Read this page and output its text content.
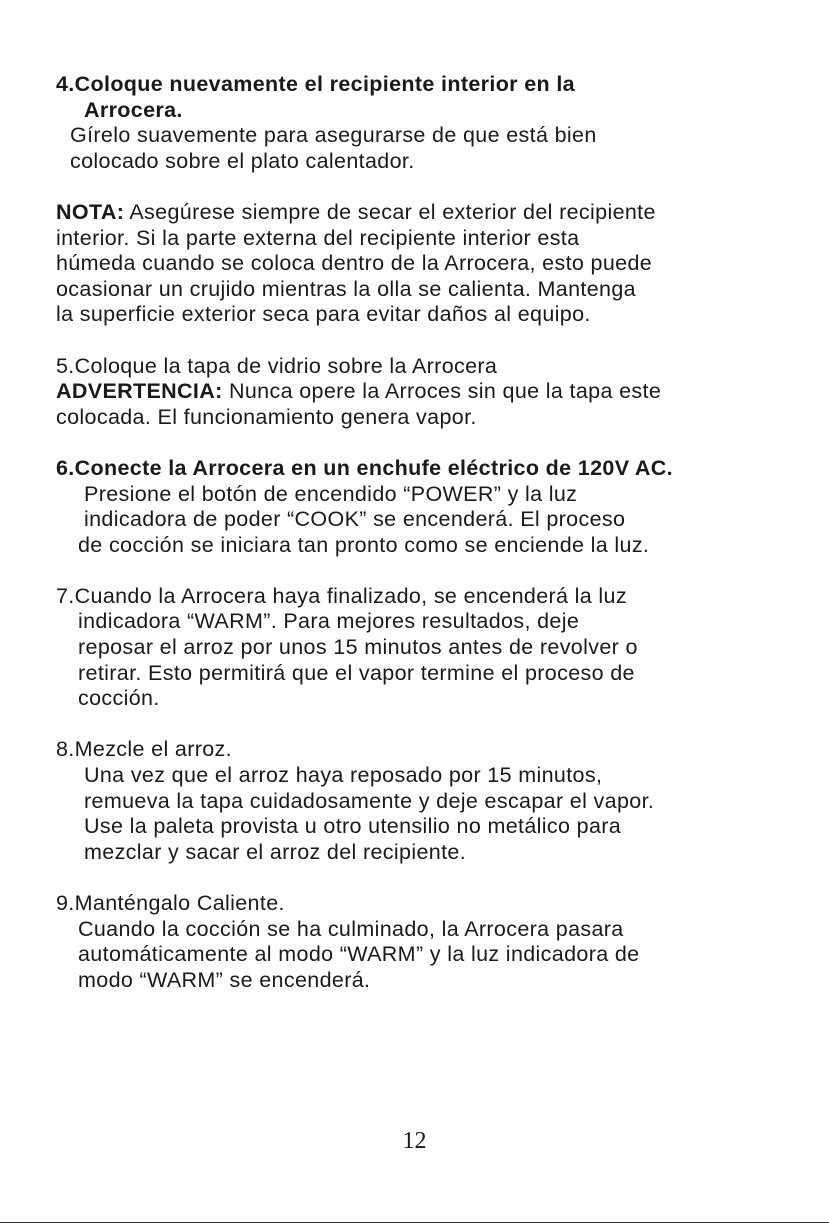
4.Coloque nuevamente el recipiente interior en la
Arrocera.
Gírelo suavemente para asegurarse de que está bien
colocado sobre el plato calentador.
NOTA: Asegúrese siempre de secar el exterior del recipiente
interior. Si la parte externa del recipiente interior esta
húmeda cuando se coloca dentro de la Arrocera, esto puede
ocasionar un crujido mientras la olla se calienta. Mantenga
la superficie exterior seca para evitar daños al equipo.
5.Coloque la tapa de vidrio sobre la Arrocera
ADVERTENCIA: Nunca opere la Arroces sin que la tapa este
colocada. El funcionamiento genera vapor.
6.Conecte la Arrocera en un enchufe eléctrico de 120V AC.
Presione el botón de encendido “POWER” y la luz
indicadora de poder “COOK” se encenderá. El proceso
de cocción se iniciara tan pronto como se enciende la luz.
7.Cuando la Arrocera haya finalizado, se encenderá la luz
indicadora “WARM”. Para mejores resultados, deje
reposar el arroz por unos 15 minutos antes de revolver o
retirar. Esto permitirá que el vapor termine el proceso de
cocción.
8.Mezcle el arroz.
Una vez que el arroz haya reposado por 15 minutos,
remueva la tapa cuidadosamente y deje escapar el vapor.
Use la paleta provista u otro utensilio no metálico para
mezclar y sacar el arroz del recipiente.
9.Manténgalo Caliente.
Cuando la cocción se ha culminado, la Arrocera pasara
automáticamente al modo “WARM” y la luz indicadora de
modo “WARM” se encenderá.
12
